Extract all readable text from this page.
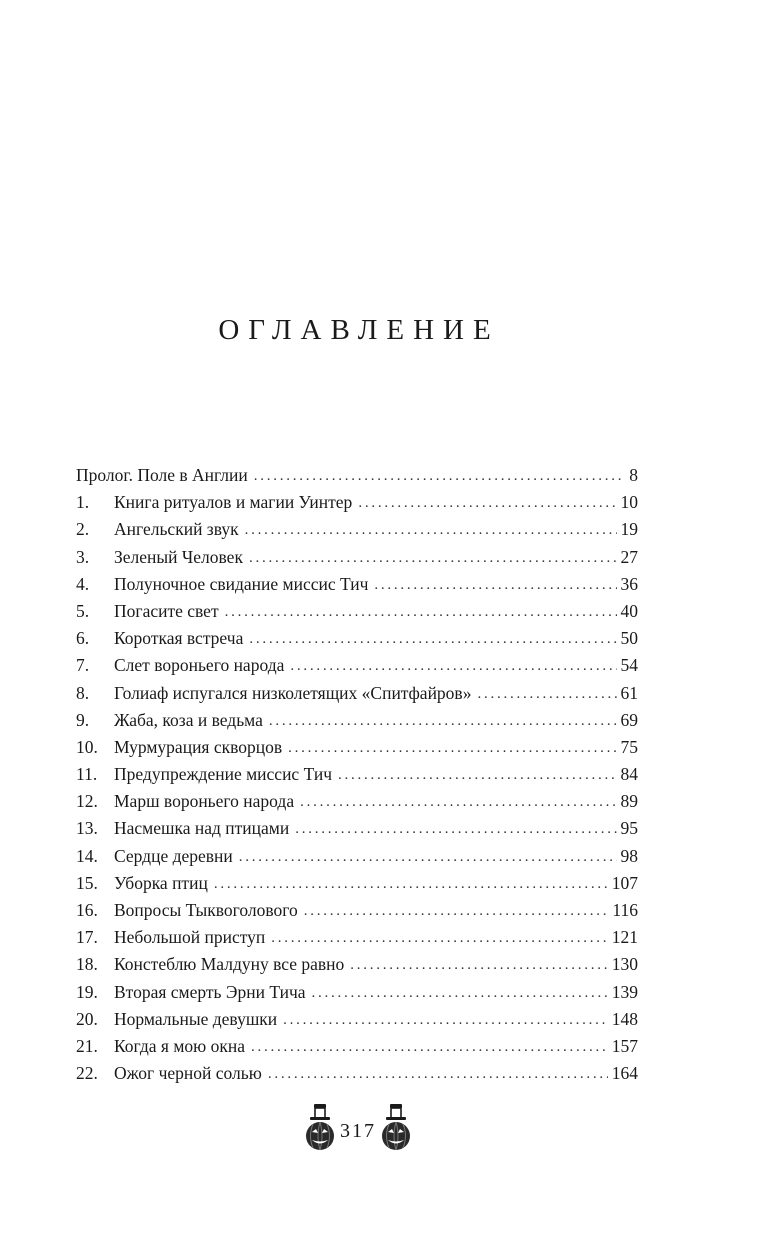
ОГЛАВЛЕНИЕ
Пролог. Поле в Англии . . .	8
1.	Книга ритуалов и магии Уинтер . . .	10
2.	Ангельский звук . . .	19
3.	Зеленый Человек . . .	27
4.	Полуночное свидание миссис Тич . . .	36
5.	Погасите свет . . .	40
6.	Короткая встреча . . .	50
7.	Слет вороньего народа . . .	54
8.	Голиаф испугался низколетящих «Спитфайров» . . .	61
9.	Жаба, коза и ведьма . . .	69
10. Мурмурация скворцов . . .	75
11. Предупреждение миссис Тич . . .	84
12. Марш вороньего народа . . .	89
13. Насмешка над птицами . . .	95
14. Сердце деревни . . .	98
15. Уборка птиц . . .	107
16. Вопросы Тыквоголового . . .	116
17. Небольшой приступ . . .	121
18. Констеблю Малдуну все равно . . .	130
19. Вторая смерть Эрни Тича . . .	139
20. Нормальные девушки . . .	148
21. Когда я мою окна . . .	157
22. Ожог черной солью . . .	164
317
